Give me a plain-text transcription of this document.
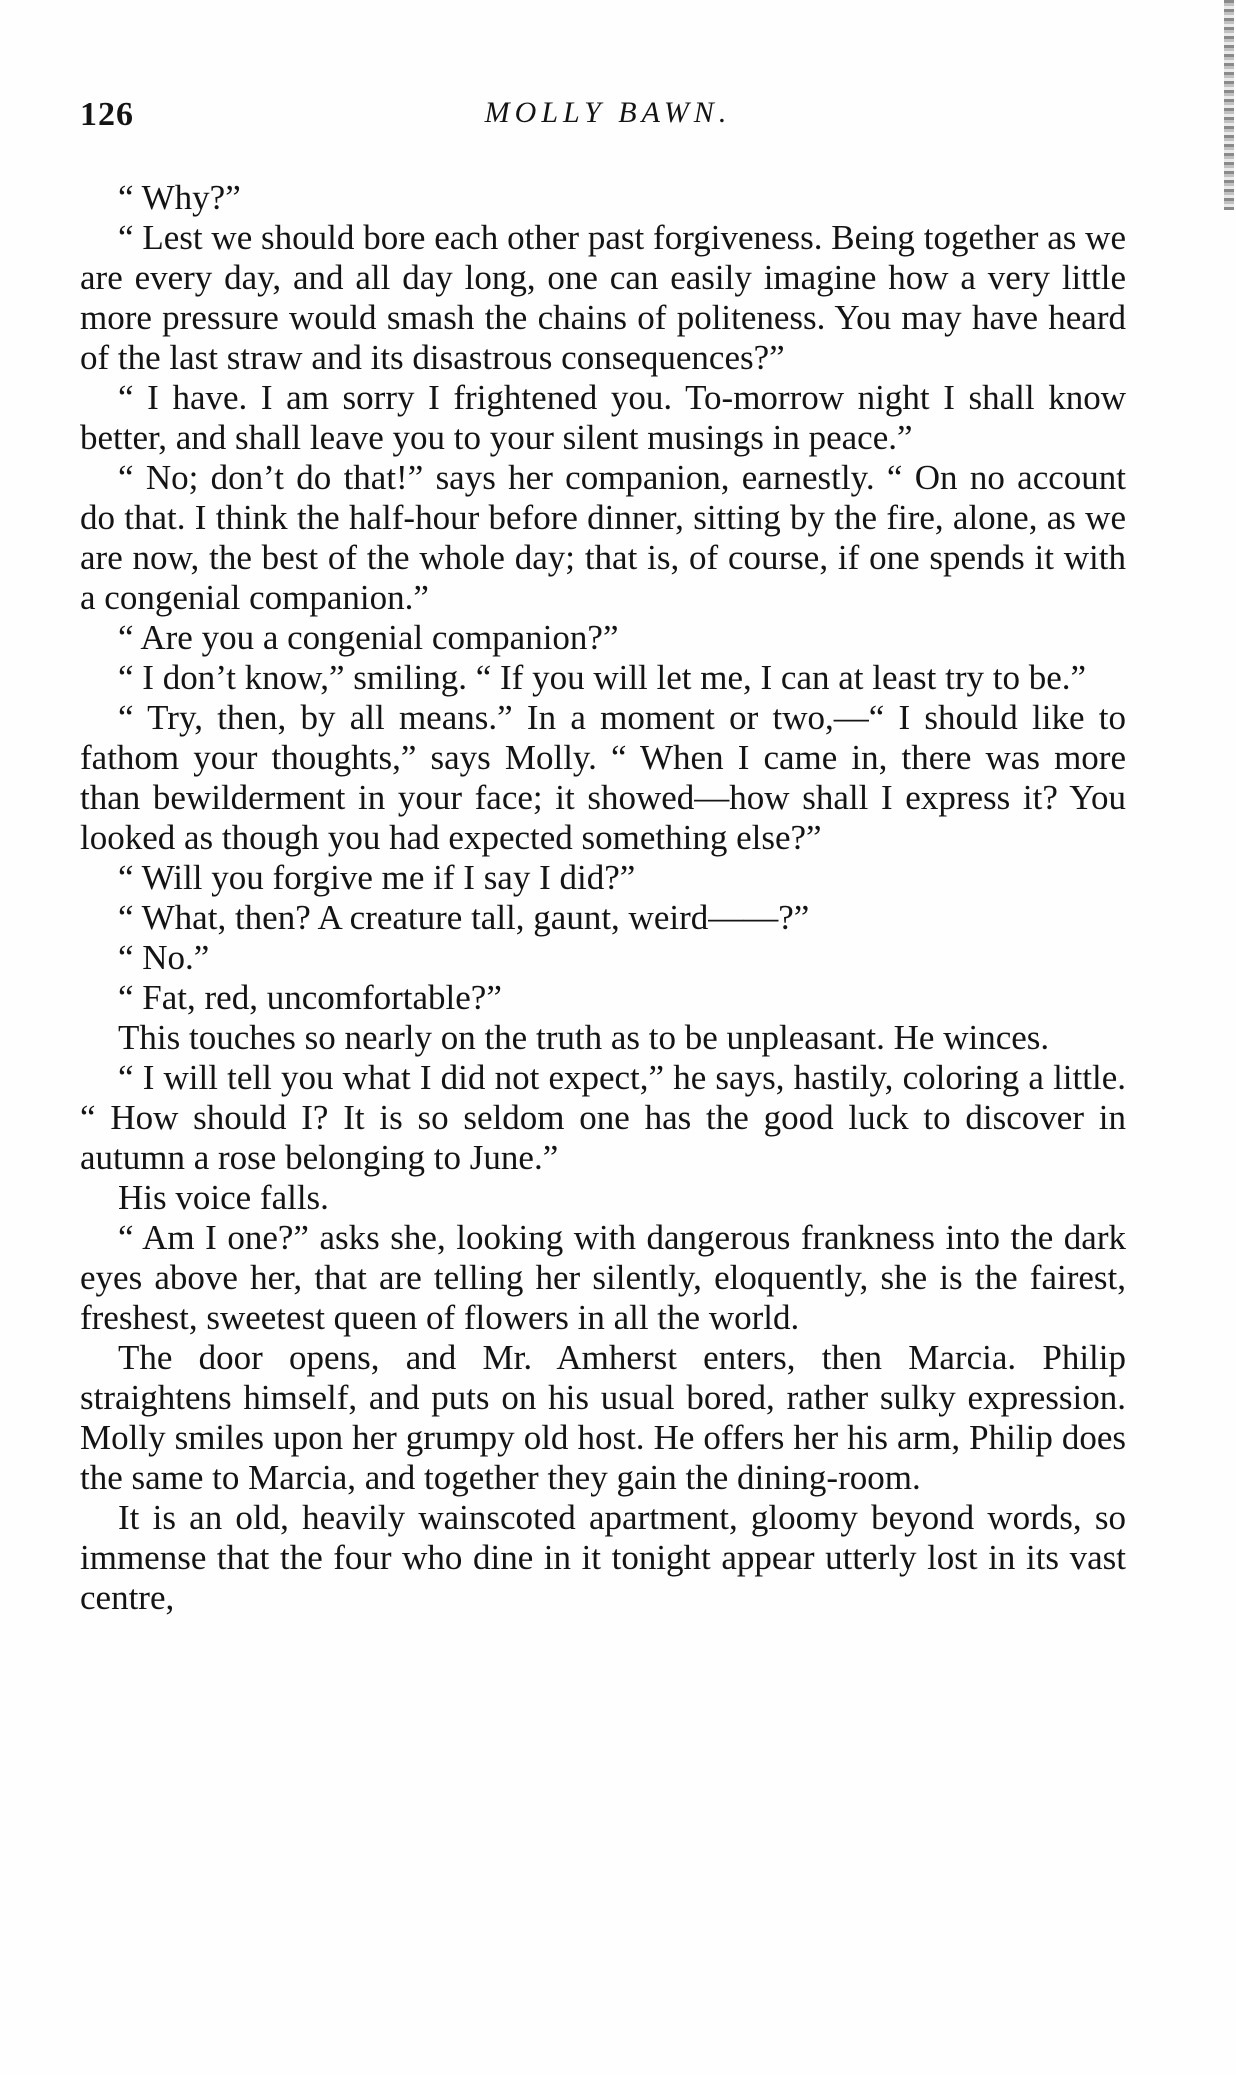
126	MOLLY BAWN.

“ Why?”

“ Lest we should bore each other past forgiveness. Being together as we are every day, and all day long, one can easily imagine how a very little more pressure would smash the chains of politeness. You may have heard of the last straw and its disastrous consequences?”

“ I have. I am sorry I frightened you. To-morrow night I shall know better, and shall leave you to your silent musings in peace.”

“ No; don’t do that!” says her companion, earnestly. “ On no account do that. I think the half-hour before dinner, sitting by the fire, alone, as we are now, the best of the whole day; that is, of course, if one spends it with a congenial companion.”

“ Are you a congenial companion?”

“ I don’t know,” smiling. “ If you will let me, I can at least try to be.”

“ Try, then, by all means.” In a moment or two,—“ I should like to fathom your thoughts,” says Molly. “ When I came in, there was more than bewilderment in your face; it showed—how shall I express it? You looked as though you had expected something else?”

“ Will you forgive me if I say I did?”

“ What, then? A creature tall, gaunt, weird——?”

“ No.”

“ Fat, red, uncomfortable?”

This touches so nearly on the truth as to be unpleasant. He winces.

“ I will tell you what I did not expect,” he says, hastily, coloring a little. “ How should I? It is so seldom one has the good luck to discover in autumn a rose belonging to June.”

His voice falls.

“ Am I one?” asks she, looking with dangerous frankness into the dark eyes above her, that are telling her silently, eloquently, she is the fairest, freshest, sweetest queen of flowers in all the world.

The door opens, and Mr. Amherst enters, then Marcia. Philip straightens himself, and puts on his usual bored, rather sulky expression. Molly smiles upon her grumpy old host. He offers her his arm, Philip does the same to Marcia, and together they gain the dining-room.

It is an old, heavily wainscoted apartment, gloomy beyond words, so immense that the four who dine in it tonight appear utterly lost in its vast centre,
